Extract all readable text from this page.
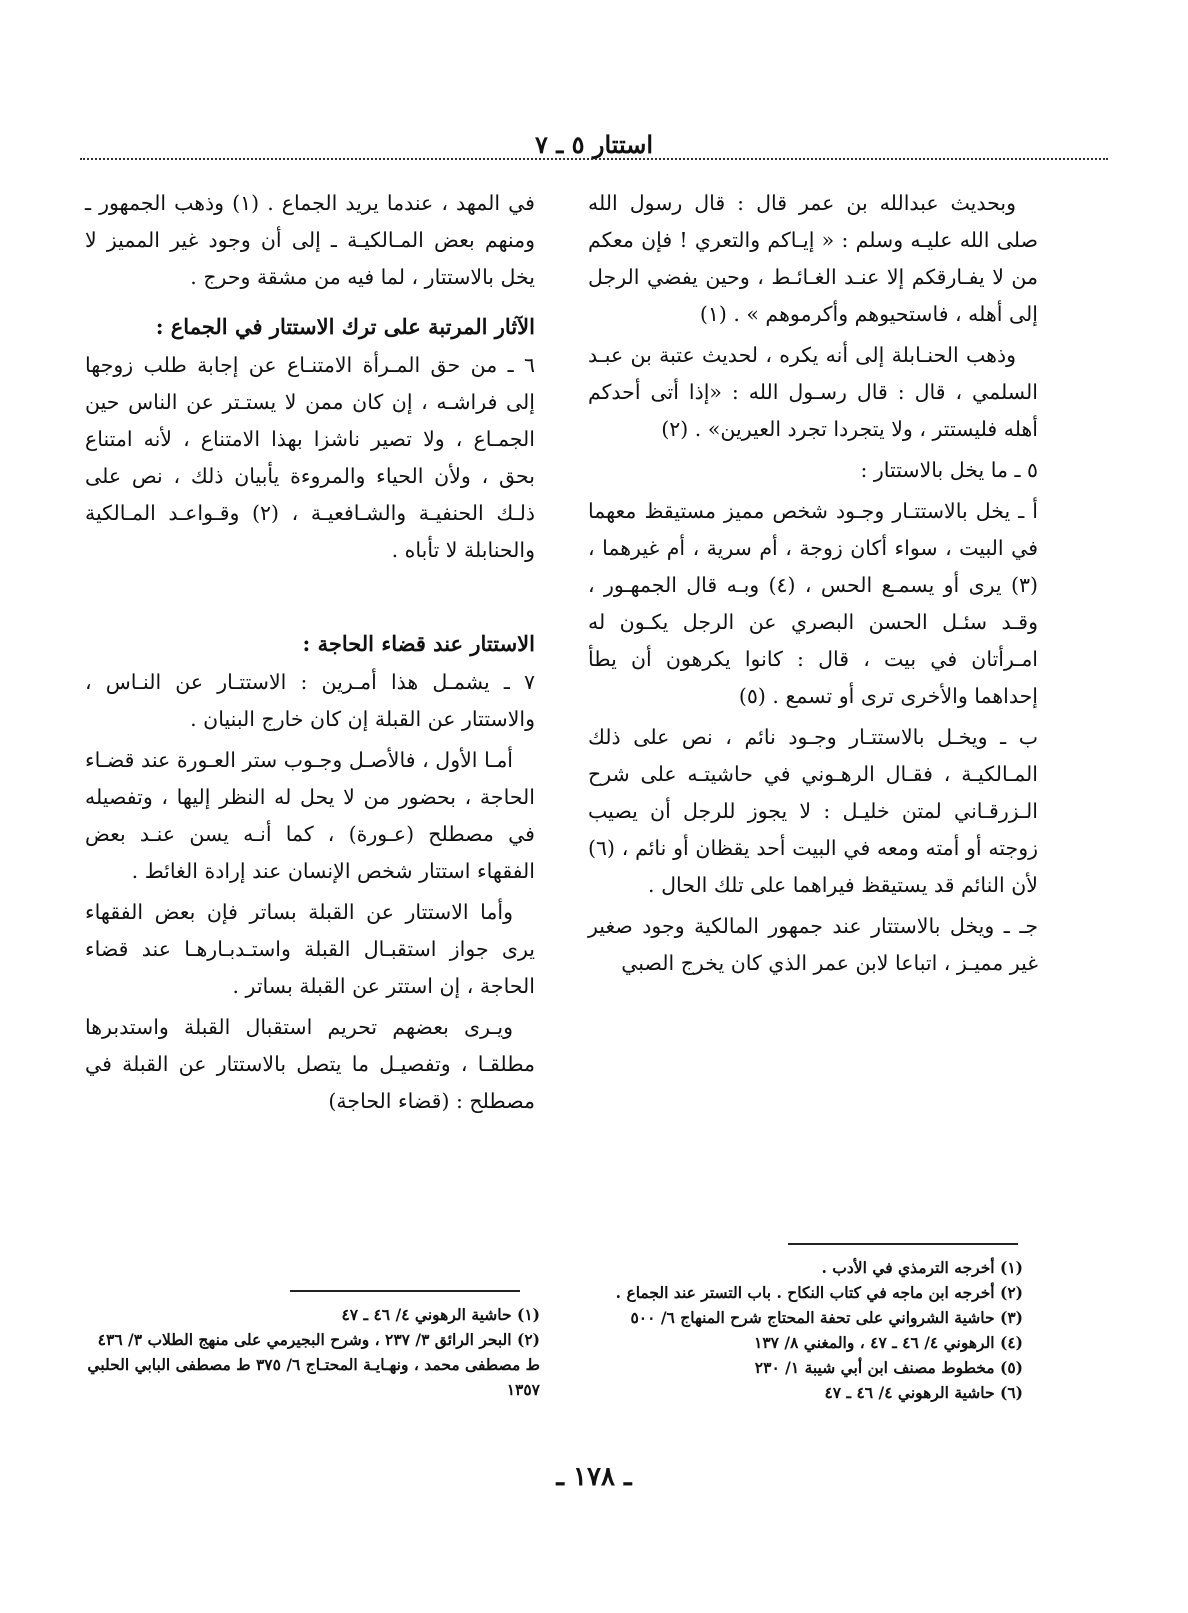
استتار ٥ ـ ٧

وبحديث عبدالله بن عمر قال : قال رسول الله صلى الله عليـه وسلم : « إيـاكم والتعري ! فإن معكم من لا يفـارقكم إلا عنـد الغـائـط ، وحين يفضي الرجل إلى أهله ، فاستحيوهم وأكرموهم » . (١)

وذهب الحنـابلة إلى أنه يكره ، لحديث عتبة بن عبـد السلمي ، قال : قال رسـول الله : «إذا أتى أحدكم أهله فليستتر ، ولا يتجردا تجرد العيرين» . (٢)

٥ ـ ما يخل بالاستتار :

أ ـ يخل بالاستتـار وجـود شخص مميز مستيقظ معهما في البيت ، سواء أكان زوجة ، أم سرية ، أم غيرهما ، (٣) يرى أو يسمـع الحس ، (٤) وبـه قال الجمهـور ، وقـد سئـل الحسن البصري عن الرجل يكـون له امـرأتان في بيت ، قال : كانوا يكرهون أن يطأ إحداهما والأخرى ترى أو تسمع . (٥)

ب ـ ويخـل بالاستتـار وجـود نائم ، نص على ذلك المـالكيـة ، فقـال الرهـوني في حاشيتـه على شرح الـزرقـاني لمتن خليـل : لا يجوز للرجل أن يصيب زوجته أو أمته ومعه في البيت أحد يقظان أو نائم ، (٦) لأن النائم قد يستيقظ فيراهما على تلك الحال .

جـ ـ ويخل بالاستتار عند جمهور المالكية وجود صغير غير مميـز ، اتباعا لابن عمر الذي كان يخرج الصبي

في المهد ، عندما يريد الجماع . (١) وذهب الجمهور ـ ومنهم بعض المـالكيـة ـ إلى أن وجود غير المميز لا يخل بالاستتار ، لما فيه من مشقة وحرج .

الآثار المرتبة على ترك الاستتار في الجماع :

٦ ـ من حق المـرأة الامتنـاع عن إجابة طلب زوجها إلى فراشـه ، إن كان ممن لا يستـتر عن الناس حين الجمـاع ، ولا تصير ناشزا بهذا الامتناع ، لأنه امتناع بحق ، ولأن الحياء والمروءة يأبيان ذلك ، نص على ذلـك الحنفيـة والشـافعيـة ، (٢) وقـواعـد المـالكية والحنابلة لا تأباه .

الاستتار عند قضاء الحاجة :

٧ ـ يشمـل هذا أمـرين : الاستتـار عن النـاس ، والاستتار عن القبلة إن كان خارج البنيان .

أمـا الأول ، فالأصـل وجـوب ستر العـورة عند قضـاء الحاجة ، بحضور من لا يحل له النظر إليها ، وتفصيله في مصطلح (عـورة) ، كما أنـه يسن عنـد بعض الفقهاء استتار شخص الإنسان عند إرادة الغائط .

وأما الاستتار عن القبلة بساتر فإن بعض الفقهاء يرى جواز استقبـال القبلة واستـدبـارهـا عند قضاء الحاجة ، إن استتر عن القبلة بساتر .

ويـرى بعضهم تحريم استقبال القبلة واستدبرها مطلقـا ، وتفصيـل ما يتصل بالاستتار عن القبلة في مصطلح : (قضاء الحاجة)

(١) أخرجه الترمذي في الأدب .
(٢) أخرجه ابن ماجه في كتاب النكاح . باب التستر عند الجماع .
(٣) حاشية الشرواني على تحفة المحتاج شرح المنهاج ٦/ ٥٠٠
(٤) الرهوني ٤/ ٤٦ ـ ٤٧ ، والمغني ٨/ ١٣٧
(٥) مخطوط مصنف ابن أبي شيبة ١/ ٢٣٠
(٦) حاشية الرهوني ٤/ ٤٦ ـ ٤٧
(١) حاشية الرهوني ٤/ ٤٦ ـ ٤٧
(٢) البحر الرائق ٣/ ٢٣٧ ، وشرح البجيرمي على منهج الطلاب ٣/ ٤٣٦ ط مصطفى محمد ، ونهـايـة المحتـاج ٦/ ٣٧٥ ط مصطفى البابي الحلبي ١٣٥٧
ـ ١٧٨ ـ
